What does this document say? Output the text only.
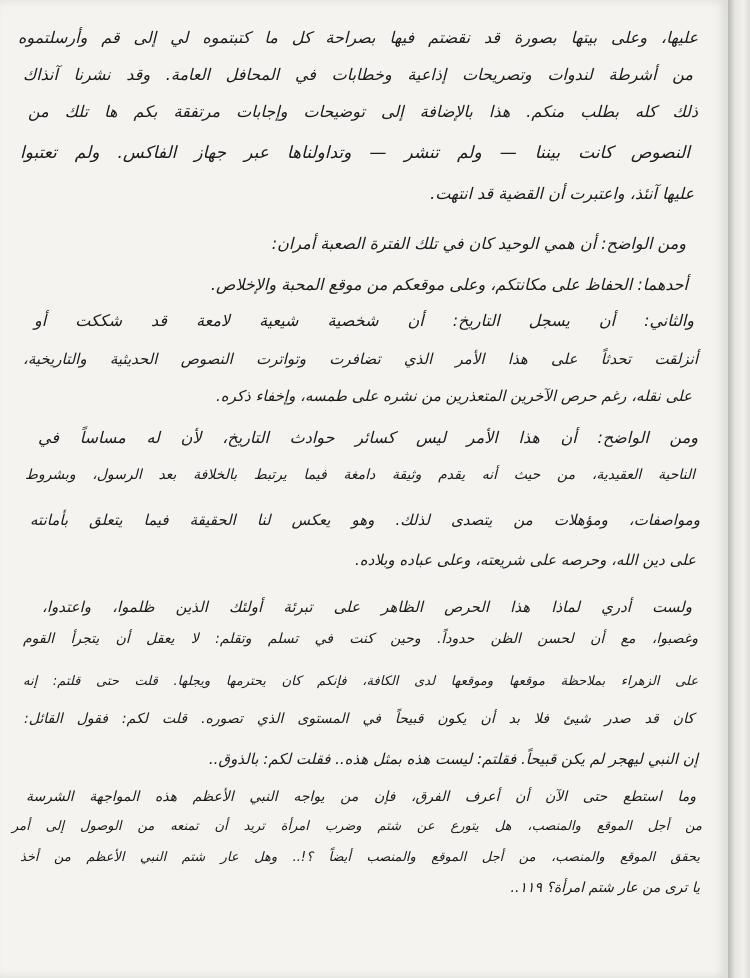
عليها، وعلى بيتها بصورة قد نقضتم فيها بصراحة كل ما كتبتموه لي إلى قم وأرسلتموه
من أشرطة لندوات وتصريحات إذاعية وخطابات في المحافل العامة. وقد نشرنا آنذاك
ذلك كله بطلب منكم. هذا بالإضافة إلى توضيحات وإجابات مرتفقة بكم ها تلك من
النصوص كانت بيننا — ولم تنشر — وتداولناها عبر جهاز الفاكس. ولم تعتبوا
عليها آنئذ، واعتبرت أن القضية قد انتهت.
ومن الواضح: أن همي الوحيد كان في تلك الفترة الصعبة أمران:
أحدهما: الحفاظ على مكانتكم، وعلى موقعكم من موقع المحبة والإخلاص.
والثاني: أن يسجل التاريخ: أن شخصية شيعية لامعة قد شككت أو
أنزلقت تحدثاً على هذا الأمر الذي تضافرت وتواترت النصوص الحديثية والتاريخية،
على نقله، رغم حرص الآخرين المتعذرين من نشره على طمسه، وإخفاء ذكره.
ومن الواضح: أن هذا الأمر ليس كسائر حوادث التاريخ، لأن له مساساً في
الناحية العقيدية، من حيث أنه يقدم وثيقة دامغة فيما يرتبط بالخلافة بعد الرسول، وبشروط
ومواصفات، ومؤهلات من يتصدى لذلك. وهو يعكس لنا الحقيقة فيما يتعلق بأمانته
على دين الله، وحرصه على شريعته، وعلى عباده وبلاده.
ولست أدري لماذا هذا الحرص الظاهر على تبرئة أولئك الذين ظلموا، واعتدوا،
وغصبوا، مع أن لحسن الظن حدوداً. وحين كنت في تسلم وتقلم: لا يعقل أن يتجرأ القوم
على الزهراء بملاحظة موقعها وموقعها لدى الكافة، فإنكم كان يحترمها ويجلها. قلت حتى قلتم: إنه
كان قد صدر شيئ فلا بد أن يكون قبيحاً في المستوى الذي تصوره. قلت لكم: فقول القائل:
إن النبي ليهجر لم يكن قبيحاً. فقلتم: ليست هذه بمثل هذه.. فقلت لكم: بالذوق..
وما استطع حتى الآن أن أعرف الفرق، فإن من يواجه النبي الأعظم هذه المواجهة الشرسة
من أجل الموقع والمنصب، هل يتورع عن شتم وضرب امرأة تريد أن تمنعه من الوصول إلى أمر
يحقق الموقع والمنصب، من أجل الموقع والمنصب أيضاً ؟!.. وهل عار شتم النبي الأعظم من أخذ
يا ترى من عار شتم امرأة؟ ١١٩..
